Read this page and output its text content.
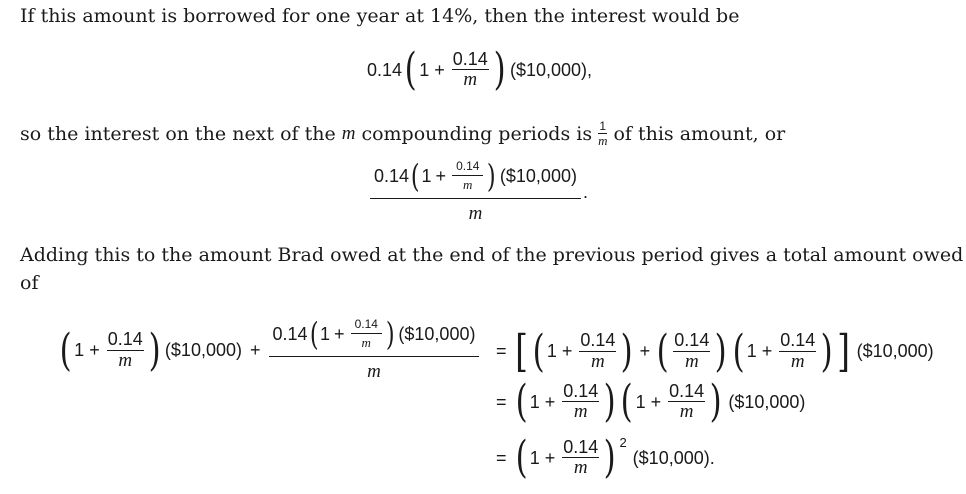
If this amount is borrowed for one year at 14%, then the interest would be
0.14 ( $1 + \frac{0.14}{m}$ ) ($10,000),
so the interest on the next of the m compounding periods is $\frac{1}{m}$ of this amount, or
0.14 ( $1 + \frac{0.14}{m}$ ) ($10,000)
m
.
Adding this to the amount Brad owed at the end of the previous period gives a total amount owed
of
( $1 + \frac{0.14}{m}$ ) ($10,000) +
0.14 ( $1 + \frac{0.14}{m}$ ) ($10,000)
m
= [ ( $1 + \frac{0.14}{m}$ ) + ( $\frac{0.14}{m}$ ) ( $1 + \frac{0.14}{m}$ ) ] ($10,000)
= ( $1 + \frac{0.14}{m}$ ) ( $1 + \frac{0.14}{m}$ ) ($10,000)
= ( $1 + \frac{0.14}{m}$ ) $^2$
($10,000).
